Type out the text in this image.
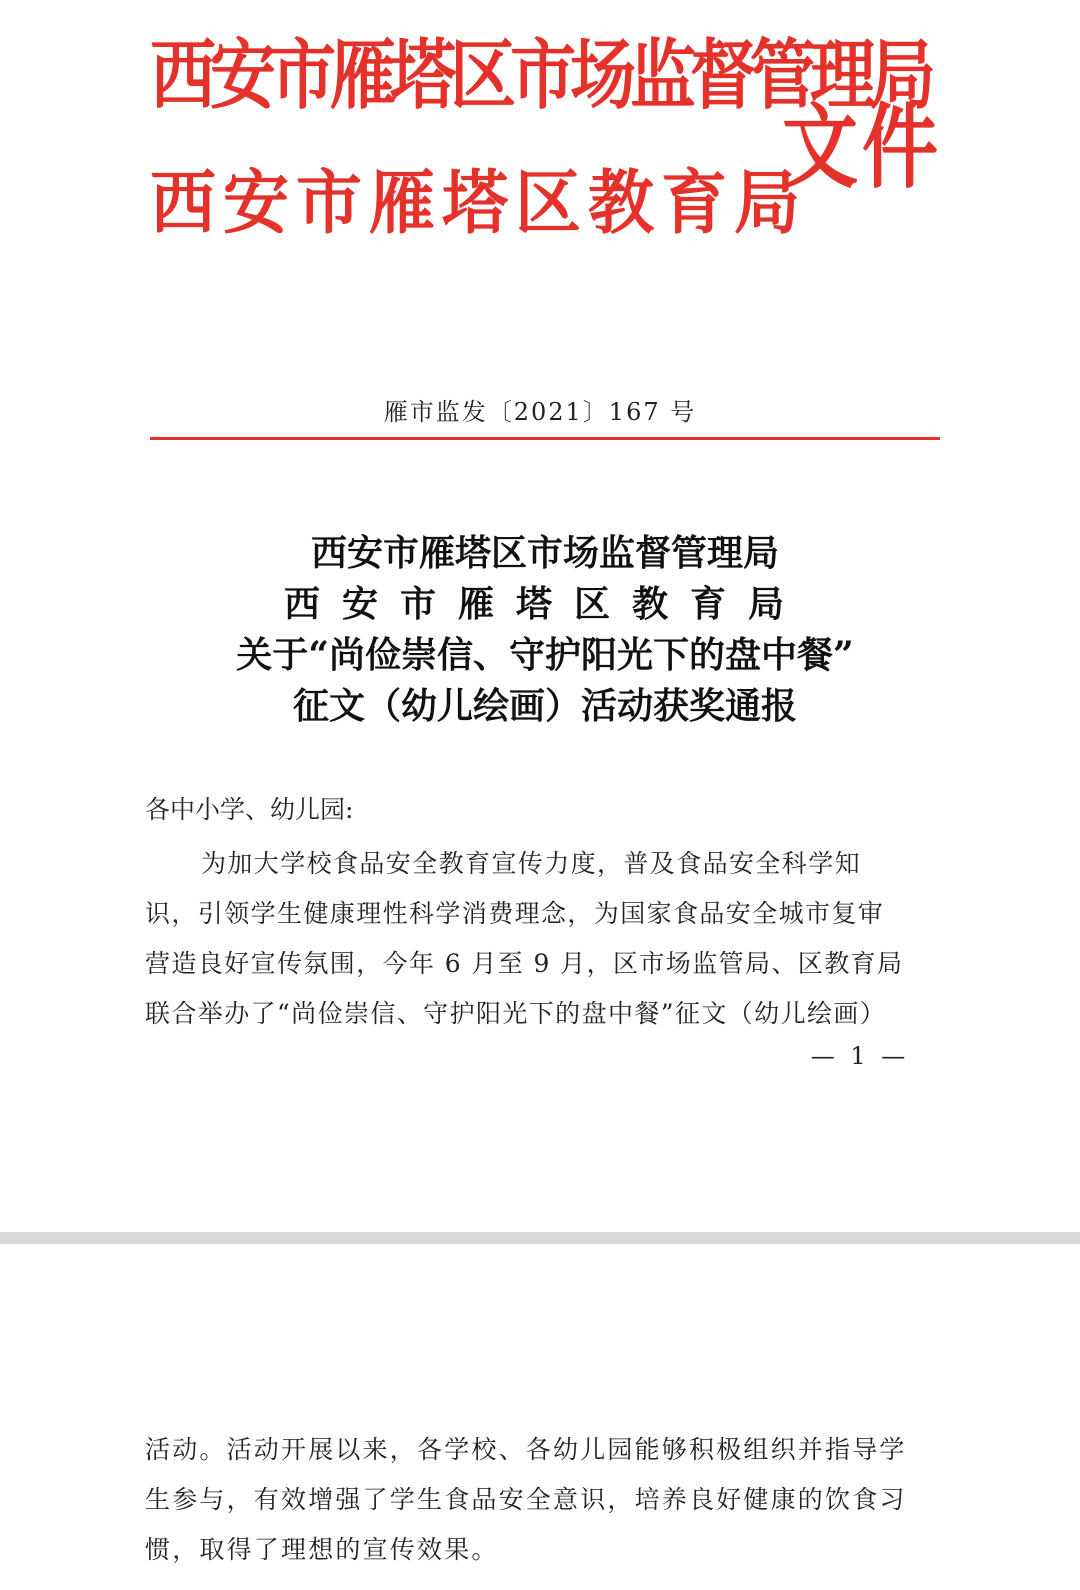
西安市雁塔区市场监督管理局
西安市雁塔区教育局
文件
雁市监发〔2021〕167 号
西安市雁塔区市场监督管理局
西安市雁塔区教育局
关于“尚俭崇信、守护阳光下的盘中餐”
征文（幼儿绘画）活动获奖通报
各中小学、幼儿园:
为加大学校食品安全教育宣传力度，普及食品安全科学知
识，引领学生健康理性科学消费理念，为国家食品安全城市复审
营造良好宣传氛围，今年 6 月至 9 月，区市场监管局、区教育局
联合举办了“尚俭崇信、守护阳光下的盘中餐”征文（幼儿绘画）
— 1 —
活动。活动开展以来，各学校、各幼儿园能够积极组织并指导学
生参与，有效增强了学生食品安全意识，培养良好健康的饮食习
惯，取得了理想的宣传效果。
